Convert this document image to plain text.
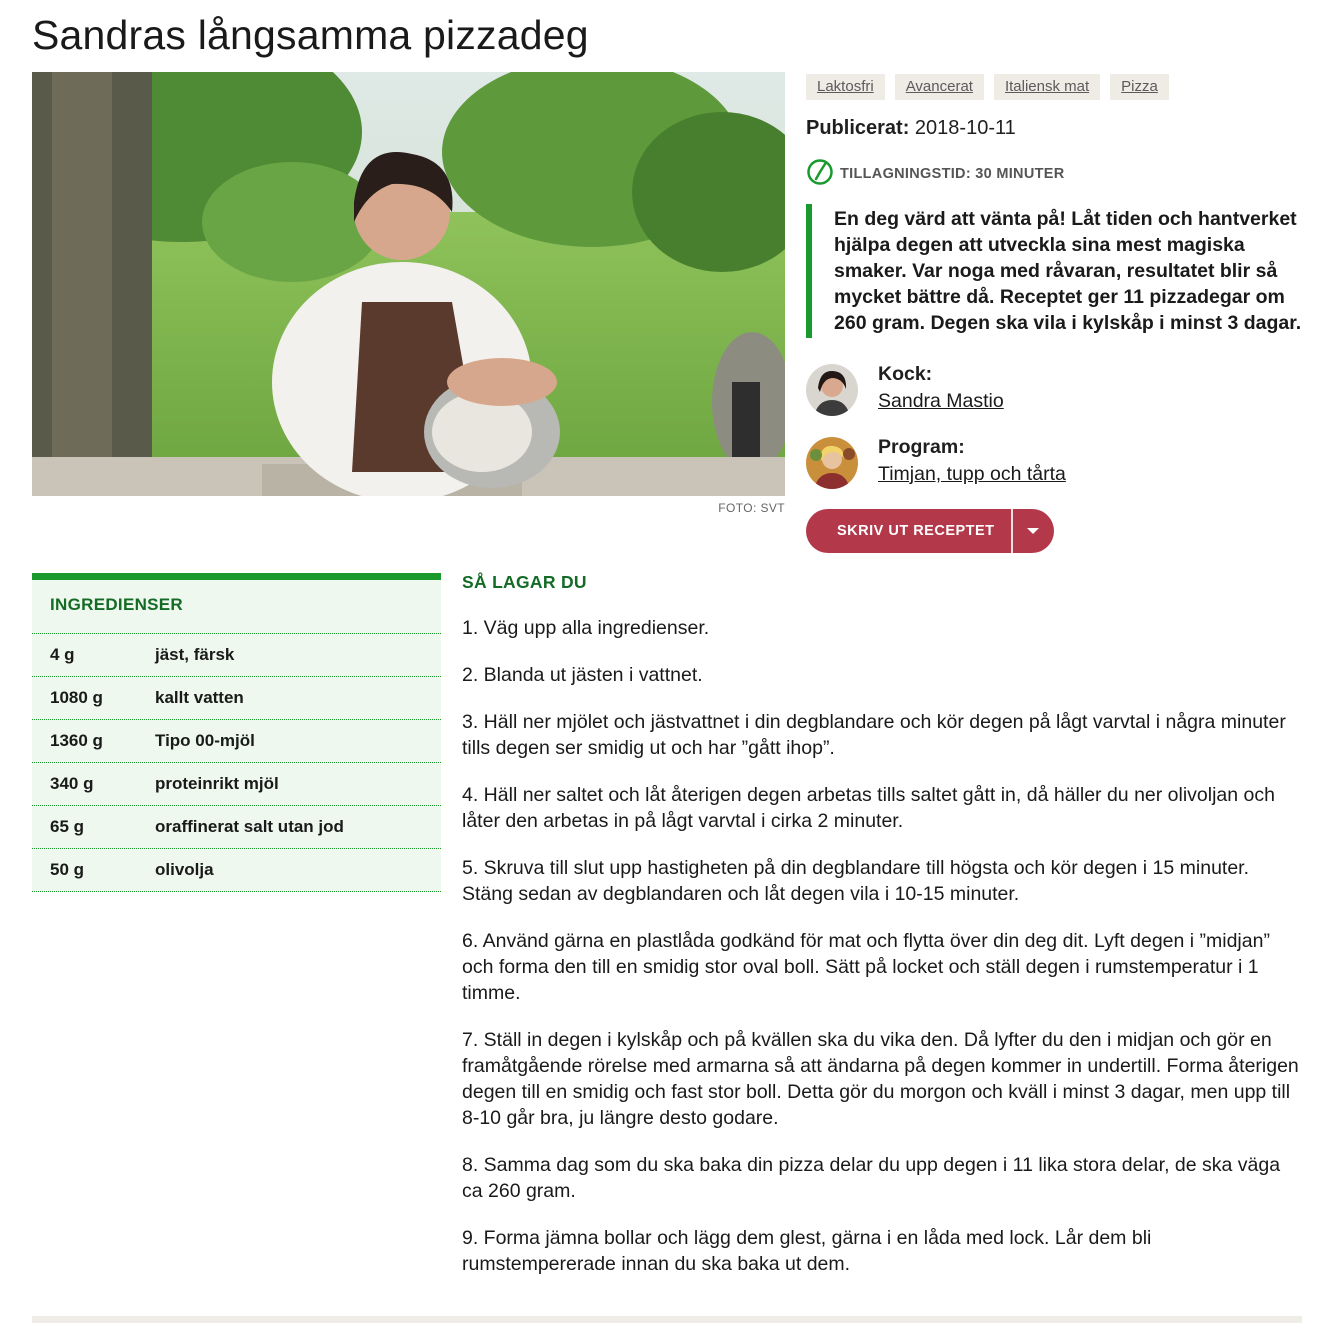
Sandras långsamma pizzadeg
FOTO: SVT
Laktosfri	Avancerat	Italiensk mat	Pizza
Publicerat: 2018-10-11
TILLAGNINGSTID: 30 MINUTER
En deg värd att vänta på! Låt tiden och hantverket hjälpa degen att utveckla sina mest magiska smaker. Var noga med råvaran, resultatet blir så mycket bättre då. Receptet ger 11 pizzadegar om 260 gram. Degen ska vila i kylskåp i minst 3 dagar.
Kock:
Sandra Mastio
Program:
Timjan, tupp och tårta
SKRIV UT RECEPTET
INGREDIENSER
4 g	jäst, färsk
1080 g	kallt vatten
1360 g	Tipo 00-mjöl
340 g	proteinrikt mjöl
65 g	oraffinerat salt utan jod
50 g	olivolja
SÅ LAGAR DU

1. Väg upp alla ingredienser.

2. Blanda ut jästen i vattnet.

3. Häll ner mjölet och jästvattnet i din degblandare och kör degen på lågt varvtal i några minuter tills degen ser smidig ut och har ”gått ihop”.

4. Häll ner saltet och låt återigen degen arbetas tills saltet gått in, då häller du ner olivoljan och låter den arbetas in på lågt varvtal i cirka 2 minuter.

5. Skruva till slut upp hastigheten på din degblandare till högsta och kör degen i 15 minuter. Stäng sedan av degblandaren och låt degen vila i 10-15 minuter.

6. Använd gärna en plastlåda godkänd för mat och flytta över din deg dit. Lyft degen i ”midjan” och forma den till en smidig stor oval boll. Sätt på locket och ställ degen i rumstemperatur i 1 timme.

7. Ställ in degen i kylskåp och på kvällen ska du vika den. Då lyfter du den i midjan och gör en framåtgående rörelse med armarna så att ändarna på degen kommer in undertill. Forma återigen degen till en smidig och fast stor boll. Detta gör du morgon och kväll i minst 3 dagar, men upp till 8-10 går bra, ju längre desto godare.

8. Samma dag som du ska baka din pizza delar du upp degen i 11 lika stora delar, de ska väga ca 260 gram.

9. Forma jämna bollar och lägg dem glest, gärna i en låda med lock. Lår dem bli rumstempererade innan du ska baka ut dem.
